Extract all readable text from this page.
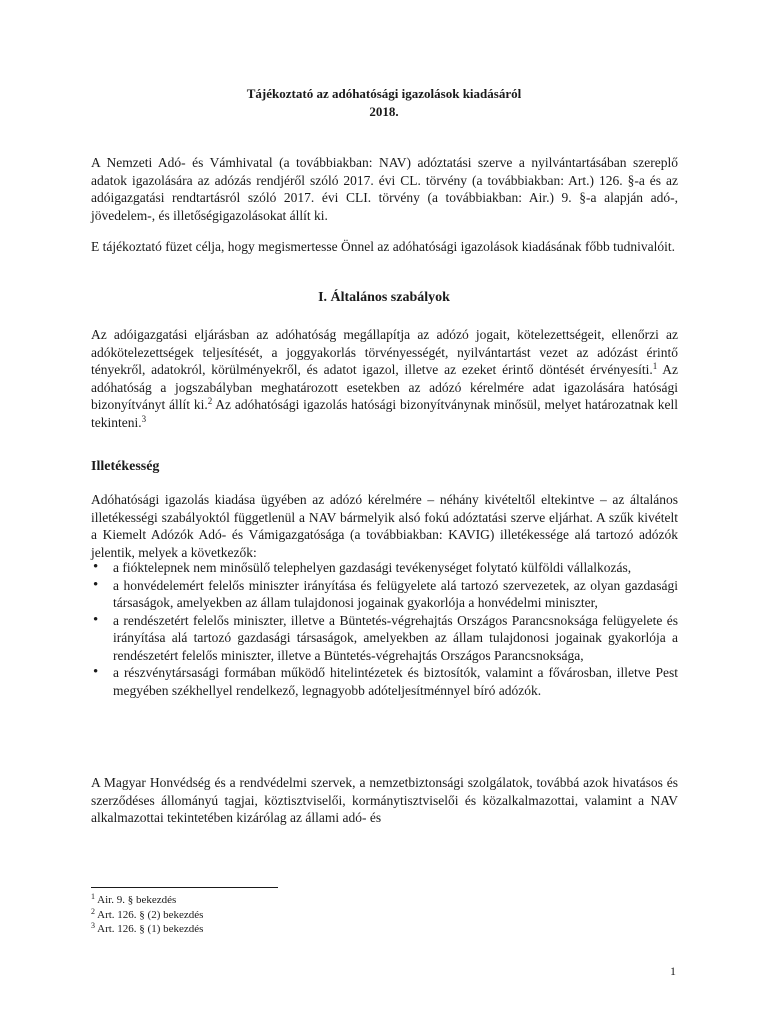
Tájékoztató az adóhatósági igazolások kiadásáról
2018.

A Nemzeti Adó- és Vámhivatal (a továbbiakban: NAV) adóztatási szerve a nyilvántartásában szereplő adatok igazolására az adózás rendjéről szóló 2017. évi CL. törvény (a továbbiakban: Art.) 126. §-a és az adóigazgatási rendtartásról szóló 2017. évi CLI. törvény (a továbbiakban: Air.) 9. §-a alapján adó-, jövedelem-, és illetőségigazolásokat állít ki.

E tájékoztató füzet célja, hogy megismertesse Önnel az adóhatósági igazolások kiadásának főbb tudnivalóit.

I. Általános szabályok

Az adóigazgatási eljárásban az adóhatóság megállapítja az adózó jogait, kötelezettségeit, ellenőrzi az adókötelezettségek teljesítését, a joggyakorlás törvényességét, nyilvántartást vezet az adózást érintő tényekről, adatokról, körülményekről, és adatot igazol, illetve az ezeket érintő döntését érvényesíti.$^1$ Az adóhatóság a jogszabályban meghatározott esetekben az adózó kérelmére adat igazolására hatósági bizonyítványt állít ki.$^2$ Az adóhatósági igazolás hatósági bizonyítványnak minősül, melyet határozatnak kell tekinteni.$^3$

Illetékesség

Adóhatósági igazolás kiadása ügyében az adózó kérelmére – néhány kivételtől eltekintve – az általános illetékességi szabályoktól függetlenül a NAV bármelyik alsó fokú adóztatási szerve eljárhat. A szűk kivételt a Kiemelt Adózók Adó- és Vámigazgatósága (a továbbiakban: KAVIG) illetékessége alá tartozó adózók jelentik, melyek a következők:

• a fióktelepnek nem minősülő telephelyen gazdasági tevékenységet folytató külföldi vállalkozás,
• a honvédelemért felelős miniszter irányítása és felügyelete alá tartozó szervezetek, az olyan gazdasági társaságok, amelyekben az állam tulajdonosi jogainak gyakorlója a honvédelmi miniszter,
• a rendészetért felelős miniszter, illetve a Büntetés-végrehajtás Országos Parancsnoksága felügyelete és irányítása alá tartozó gazdasági társaságok, amelyekben az állam tulajdonosi jogainak gyakorlója a rendészetért felelős miniszter, illetve a Büntetés-végrehajtás Országos Parancsnoksága,
• a részvénytársasági formában működő hitelintézetek és biztosítók, valamint a fővárosban, illetve Pest megyében székhellyel rendelkező, legnagyobb adóteljesítménnyel bíró adózók.

A Magyar Honvédség és a rendvédelmi szervek, a nemzetbiztonsági szolgálatok, továbbá azok hivatásos és szerződéses állományú tagjai, köztisztviselői, kormánytisztviselői és közalkalmazottai, valamint a NAV alkalmazottai tekintetében kizárólag az állami adó- és

$^1$ Air. 9. § bekezdés
$^2$ Art. 126. § (2) bekezdés
$^3$ Art. 126. § (1) bekezdés
1
